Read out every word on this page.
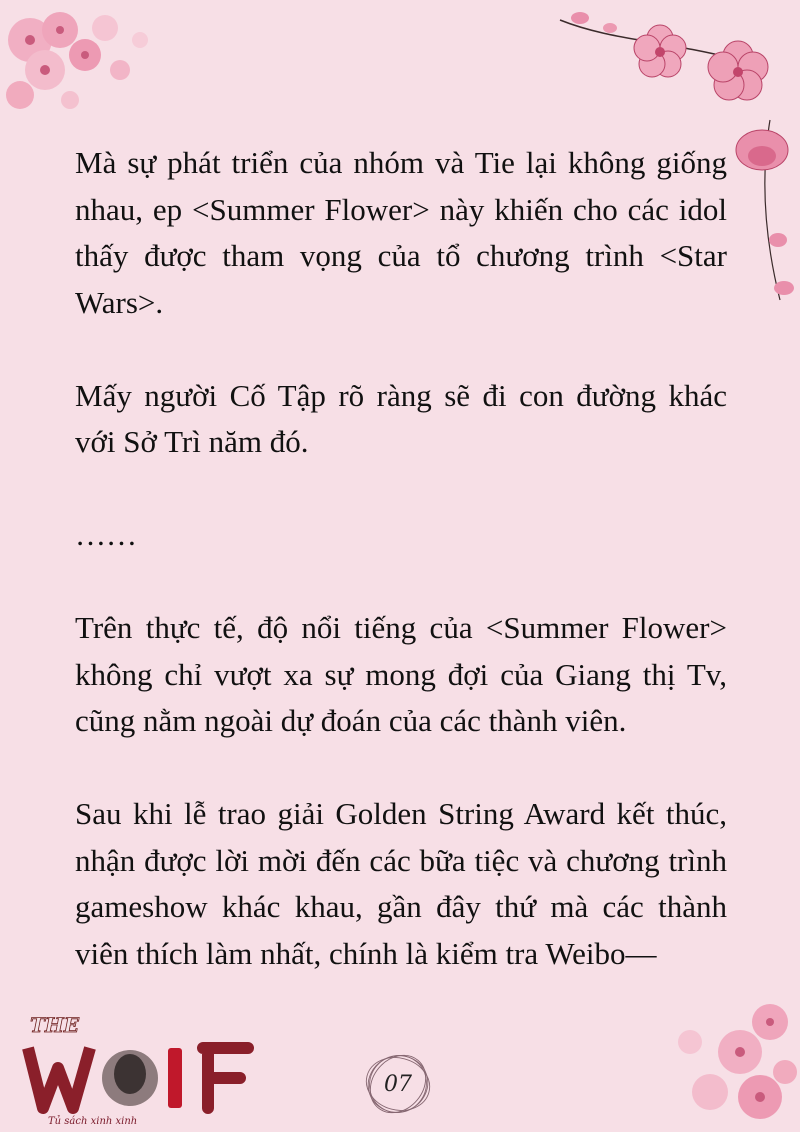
Mà sự phát triển của nhóm và Tie lại không giống nhau, ep <Summer Flower> này khiến cho các idol thấy được tham vọng của tổ chương trình <Star Wars>.

Mấy người Cố Tập rõ ràng sẽ đi con đường khác với Sở Trì năm đó.

……

Trên thực tế, độ nổi tiếng của <Summer Flower> không chỉ vượt xa sự mong đợi của Giang thị Tv, cũng nằm ngoài dự đoán của các thành viên.

Sau khi lễ trao giải Golden String Award kết thúc, nhận được lời mời đến các bữa tiệc và chương trình gameshow khác khau, gần đây thứ mà các thành viên thích làm nhất, chính là kiểm tra Weibo—

THE
Tủ sách xinh xinh
07
